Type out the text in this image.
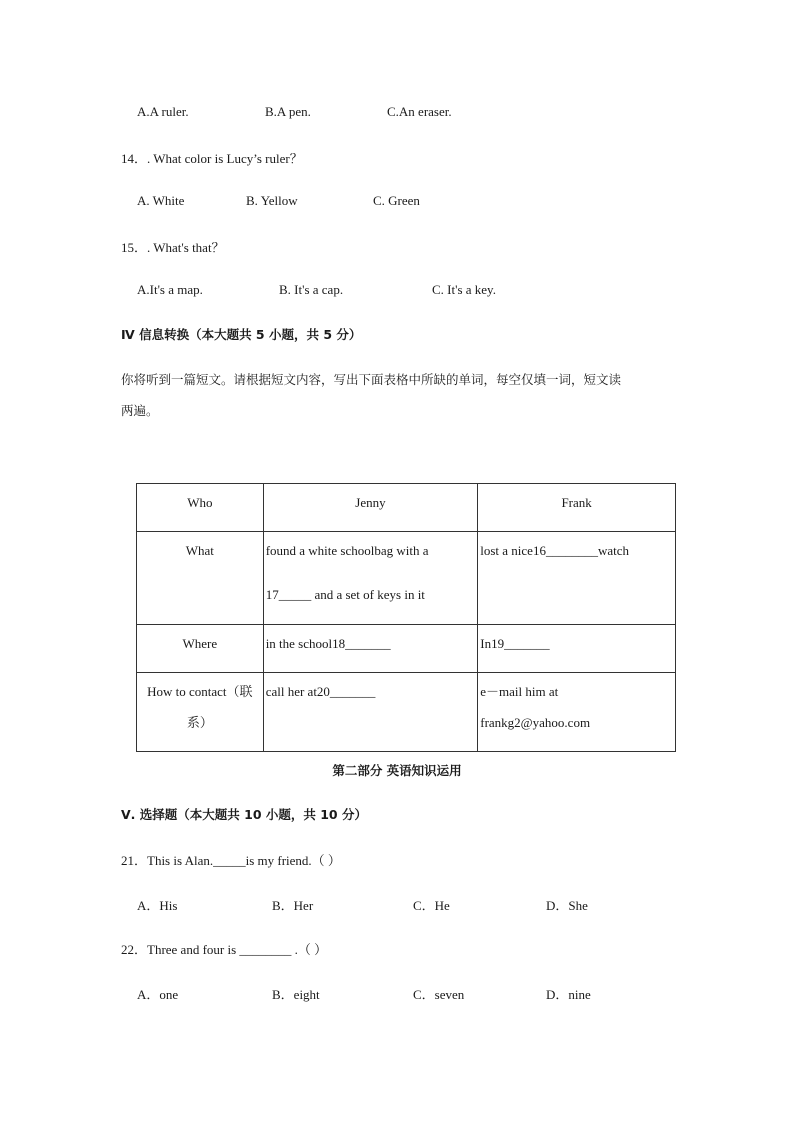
A.A ruler.	B.A pen.	C.An eraser.
14．. What color is Lucy’s ruler？
A. White	B. Yellow	C. Green
15．. What's that？
A.It's a map.	B. It's a cap.	C. It's a key.
Ⅳ 信息转换（本大题共 5 小题，共 5 分）
你将听到一篇短文。请根据短文内容，写出下面表格中所缺的单词，每空仅填一词，短文读
两遍。
Who	Jenny	Frank
What	found a white schoolbag with a
17_____ and a set of keys in it	lost a nice16________watch
Where	in the school18_______	In19_______

How to contact（联
系）	call her at20_______	e－mail him at
frankg2@yahoo.com
第二部分 英语知识运用
Ⅴ. 选择题（本大题共 10 小题，共 10 分）
21．This is Alan._____is my friend.（ ）
A．His	B．Her	C．He	D．She
22．Three and four is ________ .（ ）
A．one	B．eight	C．seven	D．nine
